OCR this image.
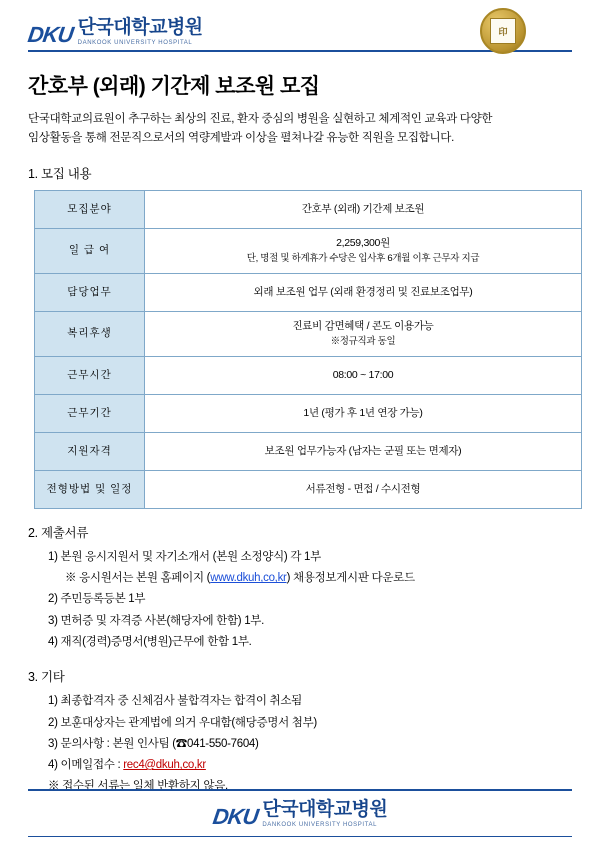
DKU 단국대학교병원
DANKOOK UNIVERSITY HOSPITAL
印
간호부 (외래) 기간제 보조원 모집
단국대학교의료원이 추구하는 최상의 진료, 환자 중심의 병원을 실현하고 체계적인 교육과 다양한
임상활동을 통해 전문직으로서의 역량계발과 이상을 펼쳐나갈 유능한 직원을 모집합니다.
1. 모집 내용
모집분야	간호부 (외래) 기간제 보조원
일 급 여	2,259,300원
단, 명절 및 하계휴가 수당은 입사후 6개월 이후 근무자 지급

담당업무	외래 보조원 업무 (외래 환경정리 및 진료보조업무)
복리후생	진료비 감면혜택 / 콘도 이용가능
※정규직과 동일

근무시간	08:00 ~ 17:00
근무기간	1년 (평가 후 1년 연장 가능)
지원자격	보조원 업무가능자 (남자는 군필 또는 면제자)
전형방법 및 일정	서류전형 - 면접 / 수시전형
2. 제출서류
1) 본원 응시지원서 및 자기소개서 (본원 소정양식) 각 1부
※ 응시원서는 본원 홈페이지 (www.dkuh,co,kr) 채용정보게시판 다운로드
2) 주민등록등본 1부
3) 면허증 및 자격증 사본(해당자에 한함) 1부.
4) 재직(경력)증명서(병원)근무에 한함 1부.
3. 기타
1) 최종합격자 중 신체검사 불합격자는 합격이 취소됨
2) 보훈대상자는 관계법에 의거 우대함(해당증명서 첨부)
3) 문의사항 : 본원 인사팀 (☎041-550-7604)
4) 이메일접수 : rec4@dkuh,co,kr
※ 접수된 서류는 일체 반환하지 않음.
DKU 단국대학교병원
DANKOOK UNIVERSITY HOSPITAL
